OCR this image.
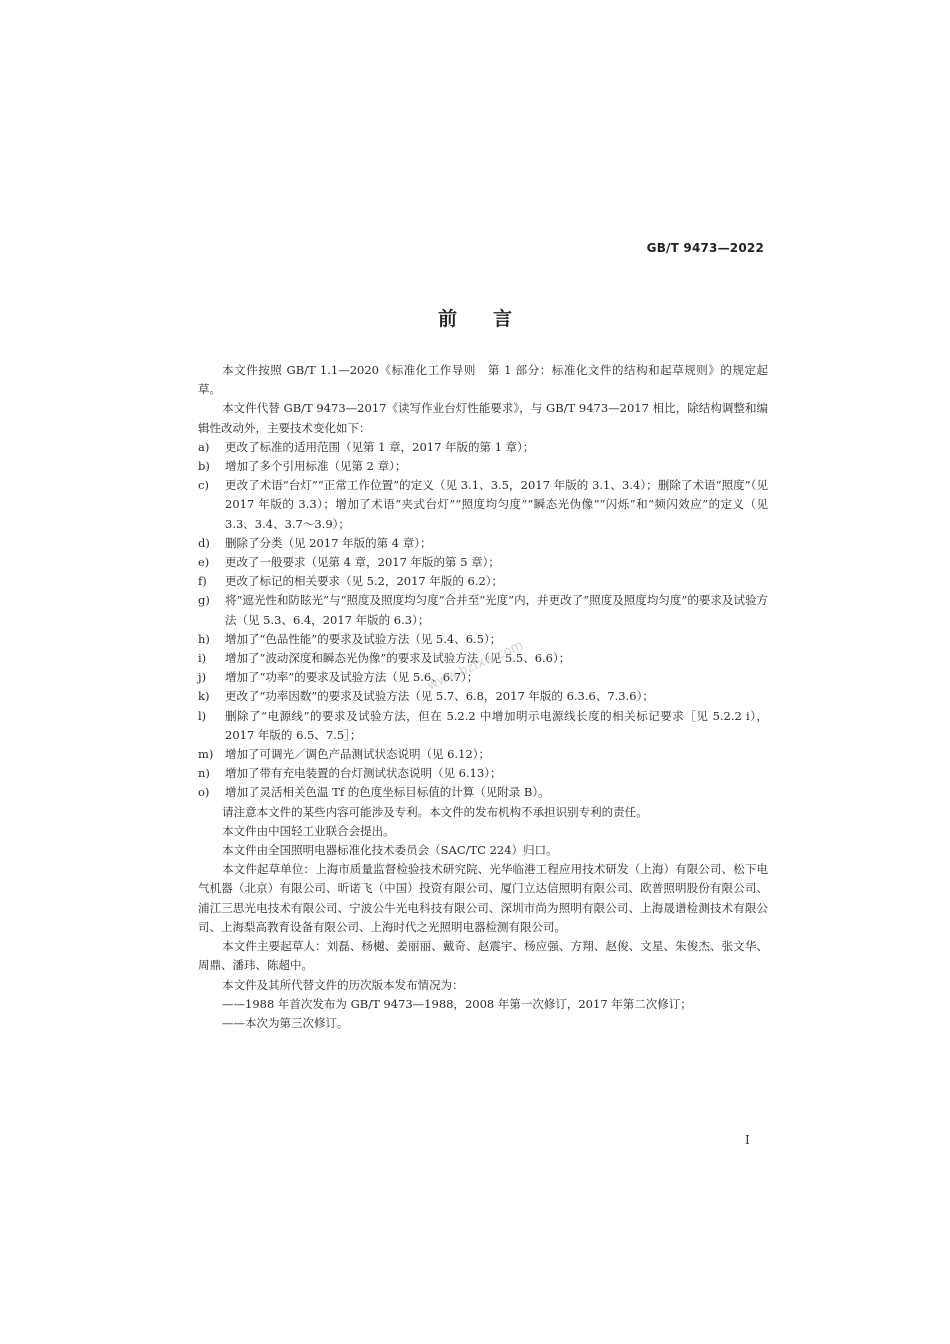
GB/T 9473—2022
前言

本文件按照 GB/T 1.1—2020《标准化工作导则　第 1 部分：标准化文件的结构和起草规则》的规定起草。

本文件代替 GB/T 9473—2017《读写作业台灯性能要求》，与 GB/T 9473—2017 相比，除结构调整和编辑性改动外，主要技术变化如下：

a)	更改了标准的适用范围（见第 1 章，2017 年版的第 1 章）；
b)	增加了多个引用标准（见第 2 章）；
c)	更改了术语“台灯”“正常工作位置”的定义（见 3.1、3.5，2017 年版的 3.1、3.4）；删除了术语“照度”（见 2017 年版的 3.3）；增加了术语“夹式台灯”“照度均匀度”“瞬态光伪像”“闪烁”和“频闪效应”的定义（见 3.3、3.4、3.7～3.9）；
d)	删除了分类（见 2017 年版的第 4 章）；
e)	更改了一般要求（见第 4 章，2017 年版的第 5 章）；
f)	更改了标记的相关要求（见 5.2，2017 年版的 6.2）；
g)	将“遮光性和防眩光”与“照度及照度均匀度”合并至“光度”内，并更改了“照度及照度均匀度”的要求及试验方法（见 5.3、6.4，2017 年版的 6.3）；
h)	增加了“色品性能”的要求及试验方法（见 5.4、6.5）；
i)	增加了“波动深度和瞬态光伪像”的要求及试验方法（见 5.5、6.6）；
j)	增加了“功率”的要求及试验方法（见 5.6、6.7）；
k)	更改了“功率因数”的要求及试验方法（见 5.7、6.8，2017 年版的 6.3.6、7.3.6）；
l)	删除了“电源线”的要求及试验方法，但在 5.2.2 中增加明示电源线长度的相关标记要求［见 5.2.2 i），2017 年版的 6.5、7.5］；
m)	增加了可调光／调色产品测试状态说明（见 6.12）；
n)	增加了带有充电装置的台灯测试状态说明（见 6.13）；
o)	增加了灵活相关色温 Tf 的色度坐标目标值的计算（见附录 B）。

请注意本文件的某些内容可能涉及专利。本文件的发布机构不承担识别专利的责任。

本文件由中国轻工业联合会提出。

本文件由全国照明电器标准化技术委员会（SAC/TC 224）归口。

本文件起草单位：上海市质量监督检验技术研究院、光华临港工程应用技术研发（上海）有限公司、松下电气机器（北京）有限公司、昕诺飞（中国）投资有限公司、厦门立达信照明有限公司、欧普照明股份有限公司、浦江三思光电技术有限公司、宁波公牛光电科技有限公司、深圳市尚为照明有限公司、上海晟谱检测技术有限公司、上海梨高教育设备有限公司、上海时代之光照明电器检测有限公司。

本文件主要起草人：刘磊、杨樾、姜丽丽、戴奇、赵震宇、杨应强、方翔、赵俊、文星、朱俊杰、张文华、周鼎、潘玮、陈超中。

本文件及其所代替文件的历次版本发布情况为：

——1988 年首次发布为 GB/T 9473—1988，2008 年第一次修订，2017 年第二次修订；

——本次为第三次修订。

www.bzfxw.com
I
